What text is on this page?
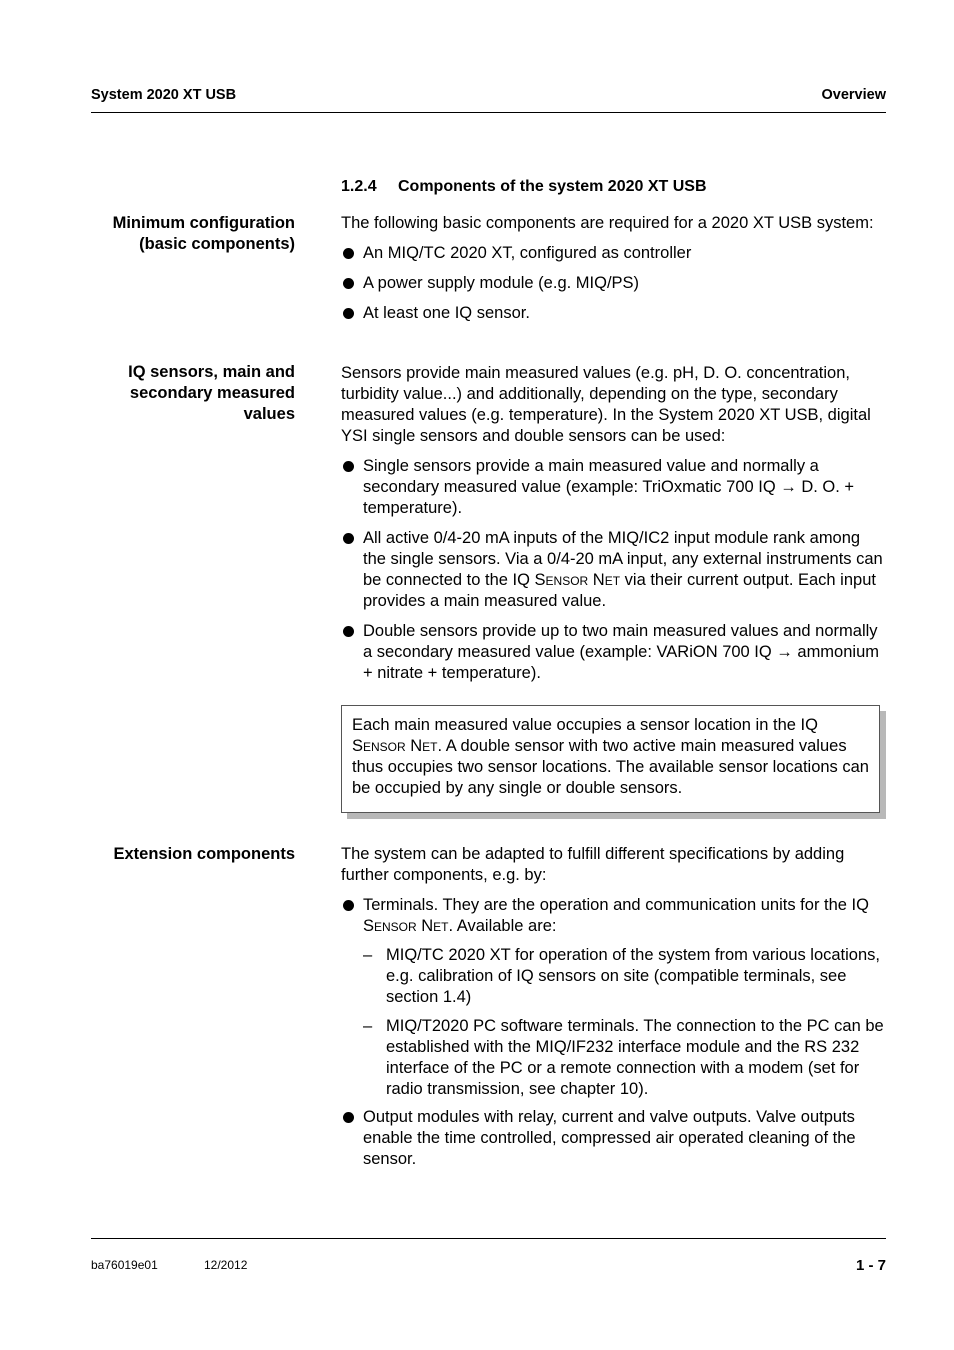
System 2020 XT USB	Overview
1.2.4 Components of the system 2020 XT USB
Minimum configuration
(basic components)

The following basic components are required for a 2020 XT USB system:

An MIQ/TC 2020 XT, configured as controller
A power supply module (e.g. MIQ/PS)
At least one IQ sensor.
IQ sensors, main and
secondary measured
values

Sensors provide main measured values (e.g. pH, D. O. concentration, turbidity value...) and additionally, depending on the type, secondary measured values (e.g. temperature). In the System 2020 XT USB, digital YSI single sensors and double sensors can be used:

Single sensors provide a main measured value and normally a secondary measured value (example: TriOxmatic 700 IQ → D. O. + temperature).
All active 0/4-20 mA inputs of the MIQ/IC2 input module rank among the single sensors. Via a 0/4-20 mA input, any external instruments can be connected to the IQ Sensor Net via their current output. Each input provides a main measured value.
Double sensors provide up to two main measured values and normally a secondary measured value (example: VARiON 700 IQ → ammonium + nitrate + temperature).
Each main measured value occupies a sensor location in the IQ Sensor Net. A double sensor with two active main measured values thus occupies two sensor locations. The available sensor locations can be occupied by any single or double sensors.
Extension components	The system can be adapted to fulfill different specifications by adding further components, e.g. by:

Terminals. They are the operation and communication units for the IQ Sensor Net. Available are:
– MIQ/TC 2020 XT for operation of the system from various locations, e.g. calibration of IQ sensors on site (compatible terminals, see section 1.4)
– MIQ/T2020 PC software terminals. The connection to the PC can be established with the MIQ/IF232 interface module and the RS 232 interface of the PC or a remote connection with a modem (set for radio transmission, see chapter 10).
Output modules with relay, current and valve outputs. Valve outputs enable the time controlled, compressed air operated cleaning of the sensor.
ba76019e01	12/2012	1 - 7
